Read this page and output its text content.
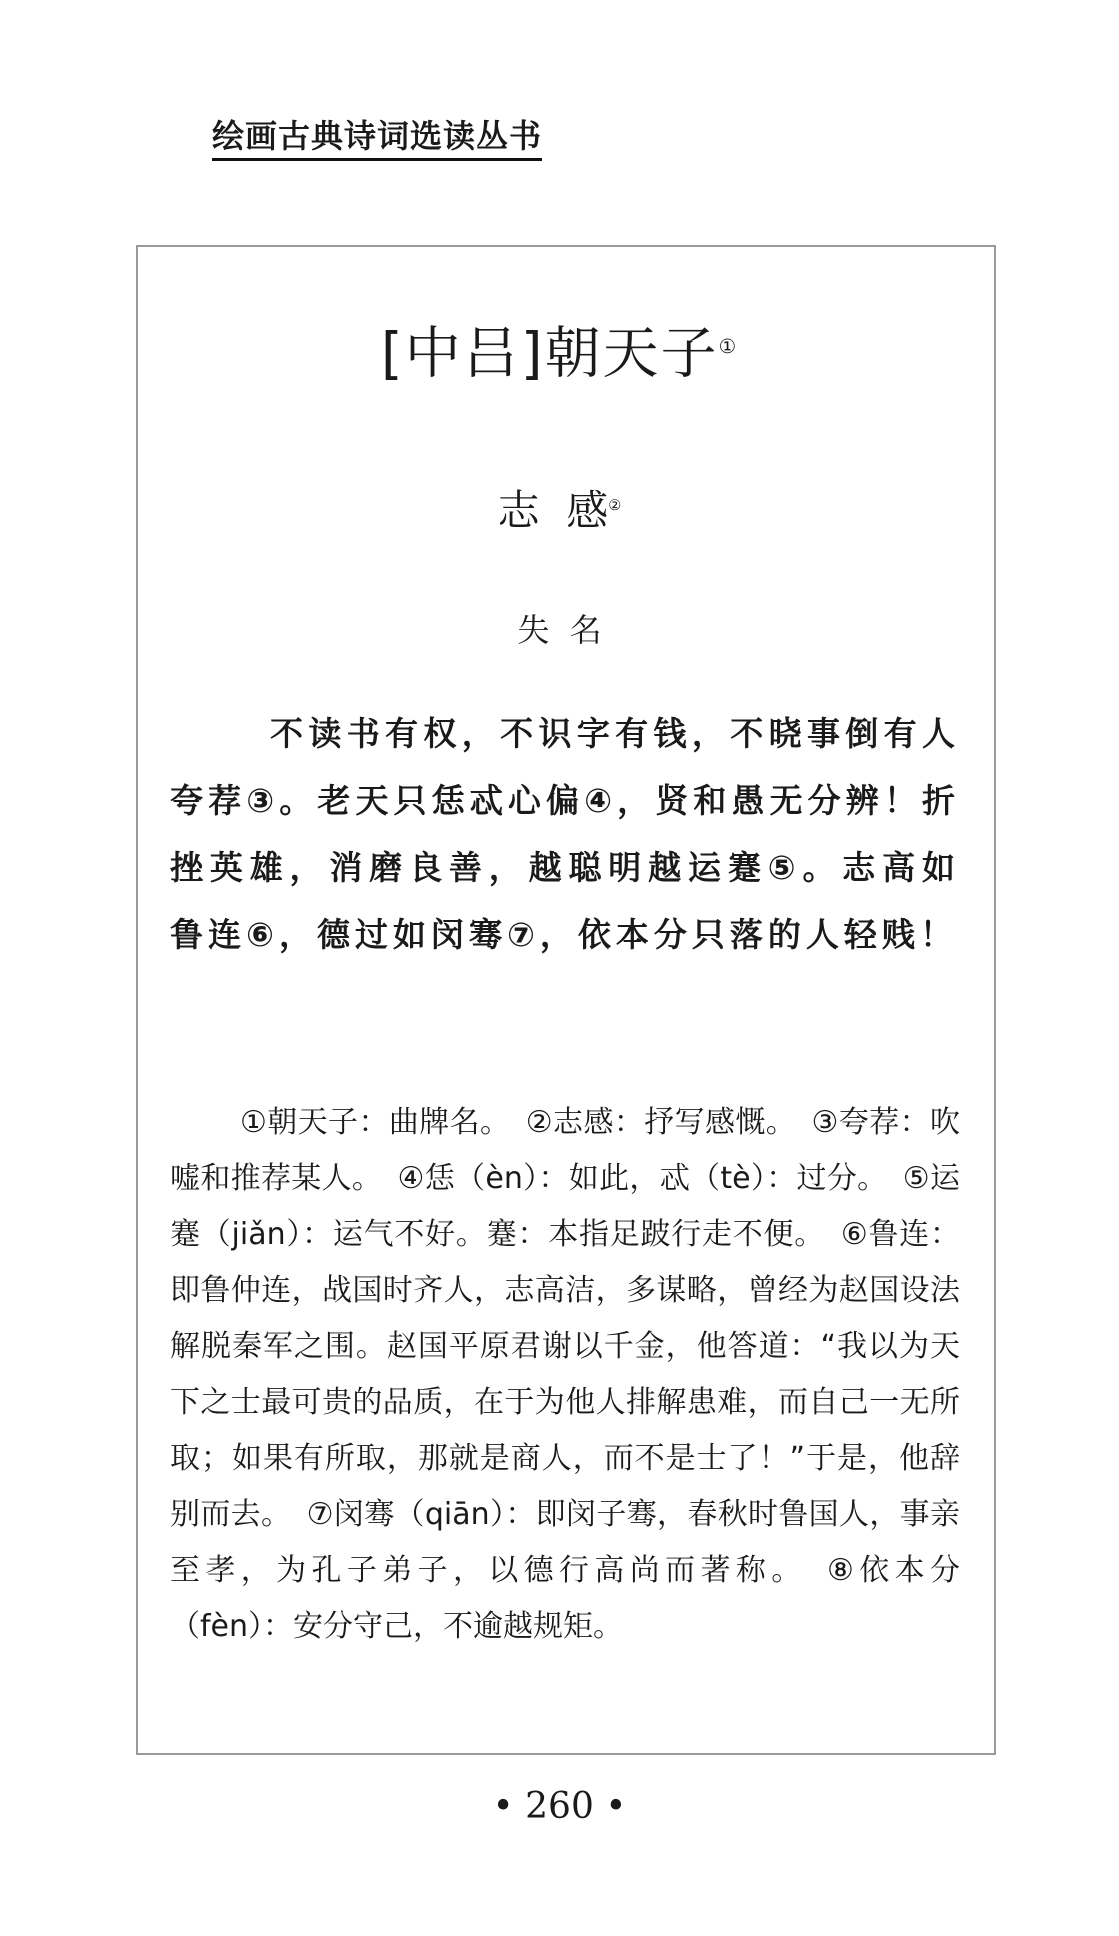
绘画古典诗词选读丛书
[中吕]朝天子①
志  感②
失  名

不读书有权，不识字有钱，不晓事倒有人夸荐③。老天只恁忒心偏④，贤和愚无分辨！折挫英雄，消磨良善，越聪明越运蹇⑤。志高如鲁连⑥，德过如闵骞⑦，依本分只落的人轻贱！

①朝天子：曲牌名。　②志感：抒写感慨。　③夸荐：吹嘘和推荐某人。　④恁（èn）：如此，忒（tè）：过分。　⑤运蹇（jiǎn）：运气不好。蹇：本指足跛行走不便。　⑥鲁连：即鲁仲连，战国时齐人，志高洁，多谋略，曾经为赵国设法解脱秦军之围。赵国平原君谢以千金，他答道：“我以为天下之士最可贵的品质，在于为他人排解患难，而自己一无所取；如果有所取，那就是商人，而不是士了！”于是，他辞别而去。　⑦闵骞（qiān）：即闵子骞，春秋时鲁国人，事亲至孝，为孔子弟子，以德行高尚而著称。　⑧依本分（fèn）：安分守己，不逾越规矩。

• 260 •
